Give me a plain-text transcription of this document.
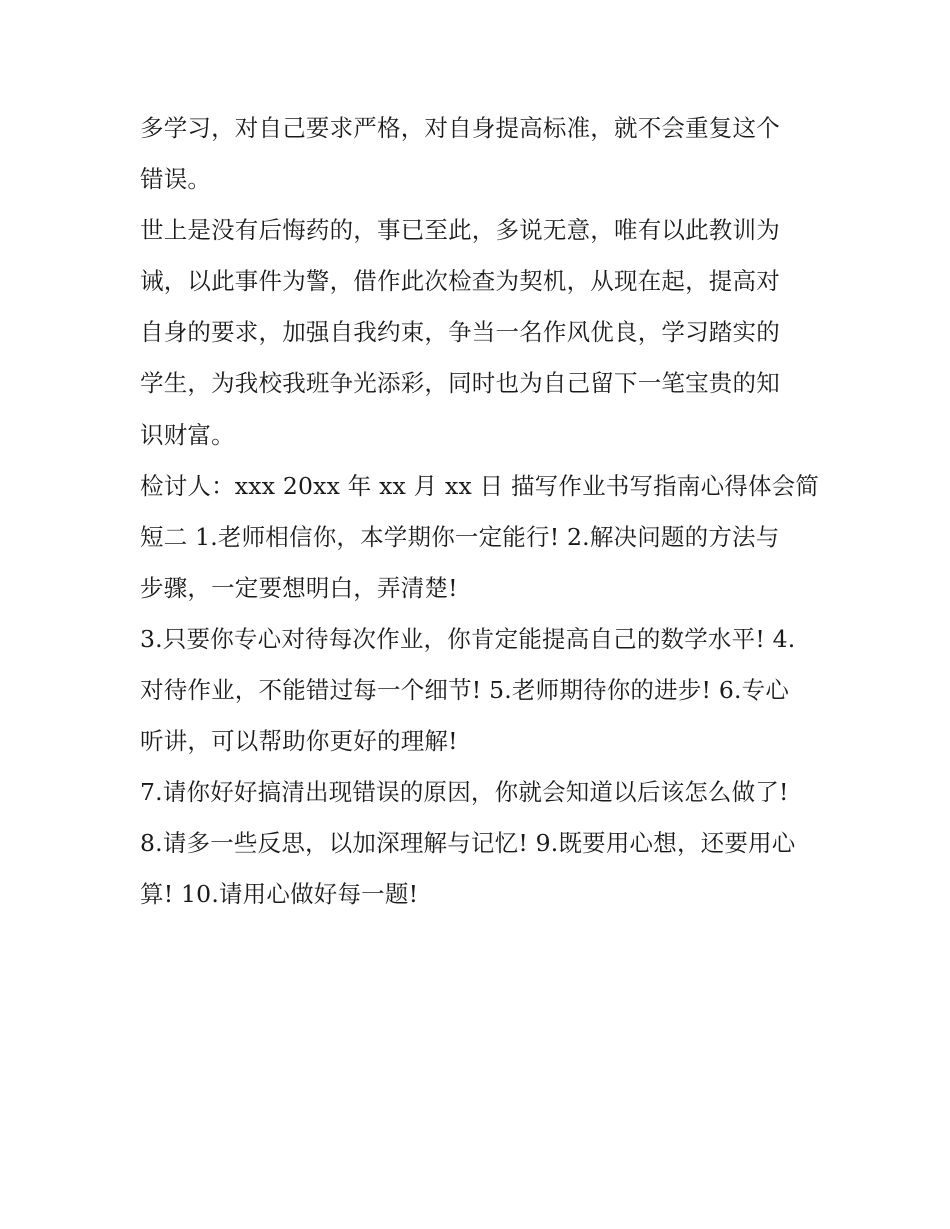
多学习，对自己要求严格，对自身提高标准，就不会重复这个
错误。
世上是没有后悔药的，事已至此，多说无意，唯有以此教训为
诫，以此事件为警，借作此次检查为契机，从现在起，提高对
自身的要求，加强自我约束，争当一名作风优良，学习踏实的
学生，为我校我班争光添彩，同时也为自己留下一笔宝贵的知
识财富。
检讨人：xxx 20xx 年 xx 月 xx 日 描写作业书写指南心得体会简
短二 1.老师相信你，本学期你一定能行! 2.解决问题的方法与
步骤，一定要想明白，弄清楚!
3.只要你专心对待每次作业，你肯定能提高自己的数学水平! 4.
对待作业，不能错过每一个细节! 5.老师期待你的进步! 6.专心
听讲，可以帮助你更好的理解!
7.请你好好搞清出现错误的原因，你就会知道以后该怎么做了!
8.请多一些反思，以加深理解与记忆! 9.既要用心想，还要用心
算! 10.请用心做好每一题!
